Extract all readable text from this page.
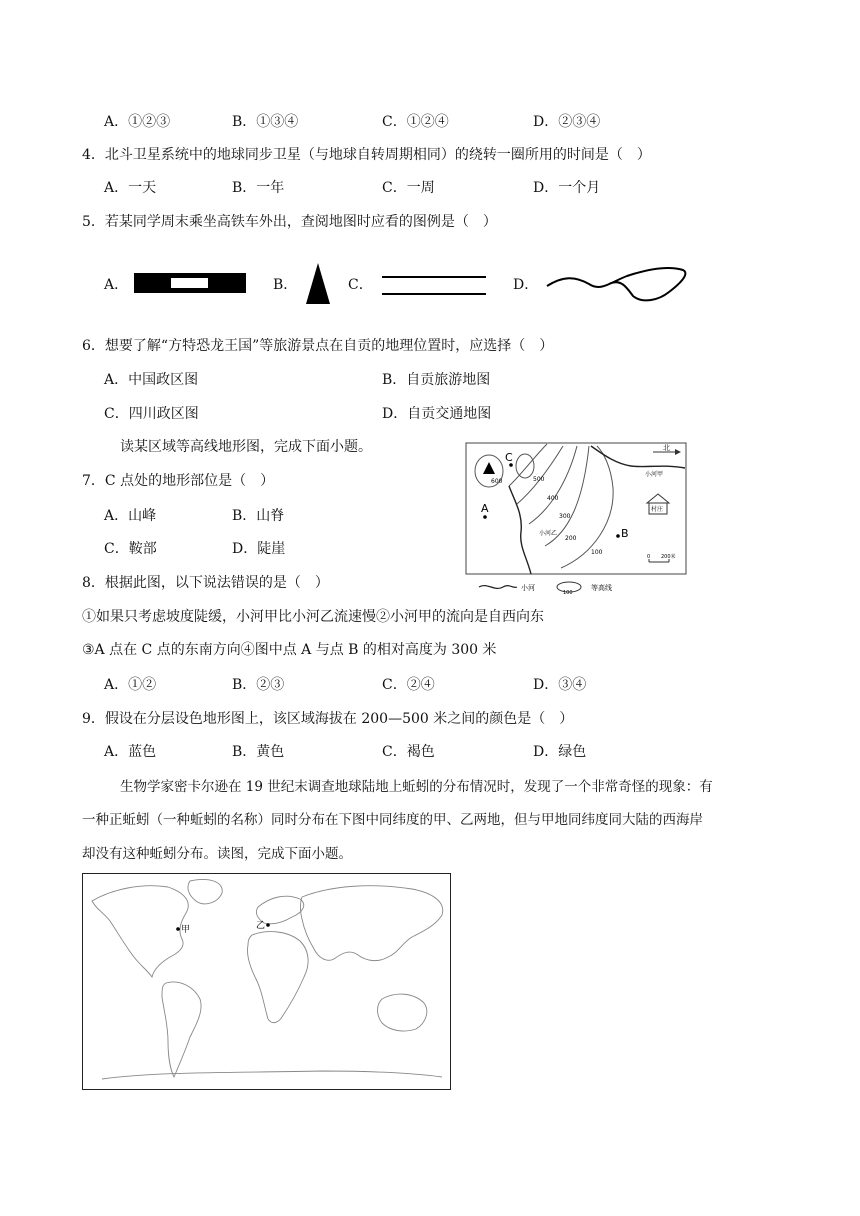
A．①②③	B．①③④	C．①②④	D．②③④
4．北斗卫星系统中的地球同步卫星（与地球自转周期相同）的绕转一圈所用的时间是（　）
A．一天	B．一年	C．一周	D．一个月
5．若某同学周末乘坐高铁车外出，查阅地图时应看的图例是（　）
A．	B．	C．	D．
6．想要了解“方特恐龙王国”等旅游景点在自贡的地理位置时，应选择（　）
A．中国政区图	B．自贡旅游地图
C．四川政区图	D．自贡交通地图
读某区域等高线地形图，完成下面小题。	北
600
C
A
B
500
400
300
200
100
小河甲
小河乙
村庄
0 200米
小河
100
等高线
7．C 点处的地形部位是（　）
A．山峰	B．山脊
C．鞍部	D．陡崖
8．根据此图，以下说法错误的是（　）
①如果只考虑坡度陡缓，小河甲比小河乙流速慢②小河甲的流向是自西向东
③A 点在 C 点的东南方向④图中点 A 与点 B 的相对高度为 300 米
A．①②	B．②③	C．②④	D．③④
9．假设在分层设色地形图上，该区域海拔在 200—500 米之间的颜色是（　）
A．蓝色	B．黄色	C．褐色	D．绿色
生物学家密卡尔逊在 19 世纪末调查地球陆地上蚯蚓的分布情况时，发现了一个非常奇怪的现象：有
一种正蚯蚓（一种蚯蚓的名称）同时分布在下图中同纬度的甲、乙两地，但与甲地同纬度同大陆的西海岸
却没有这种蚯蚓分布。读图，完成下面小题。
甲	乙
